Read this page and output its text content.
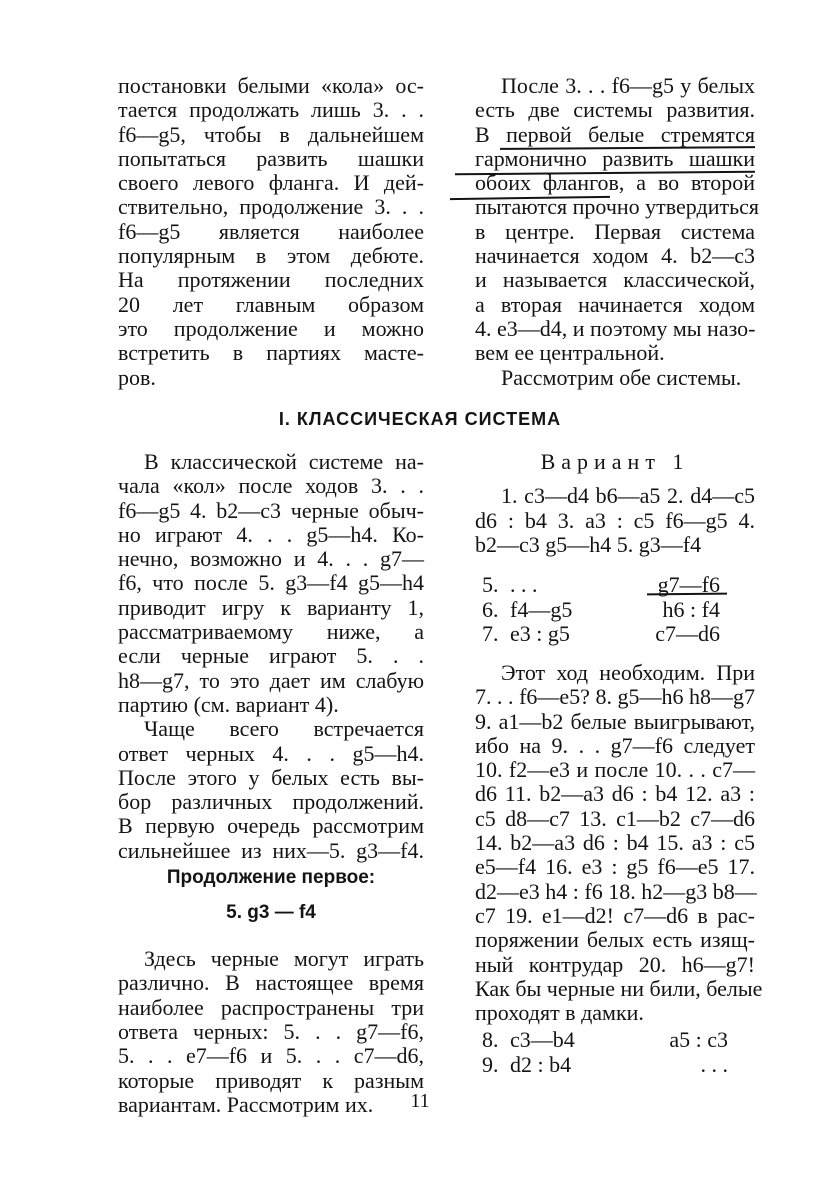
постановки белыми «кола» ос-
тается продолжать лишь 3. . .
f6—g5, чтобы в дальнейшем
попытаться развить шашки
своего левого фланга. И дей-
ствительно, продолжение 3. . .
f6—g5 является наиболее
популярным в этом дебюте.
На протяжении последних
20 лет главным образом
это продолжение и можно
встретить в партиях масте-
ров.
После 3. . . f6—g5 у белых
есть две системы развития.
В первой белые стремятся
гармонично развить шашки
обоих флангов, а во второй
пытаются прочно утвердиться
в центре. Первая система
начинается ходом 4. b2—c3
и называется классической,
а вторая начинается ходом
4. e3—d4, и поэтому мы назо-
вем ее центральной.
Рассмотрим обе системы.
I. КЛАССИЧЕСКАЯ СИСТЕМА
В классической системе на-
чала «кол» после ходов 3. . .
f6—g5 4. b2—c3 черные обыч-
но играют 4. . . g5—h4. Ко-
нечно, возможно и 4. . . g7—
f6, что после 5. g3—f4 g5—h4
приводит игру к варианту 1,
рассматриваемому ниже, а
если черные играют 5. . .
h8—g7, то это дает им слабую
партию (см. вариант 4).
Чаще всего встречается
ответ черных 4. . . g5—h4.
После этого у белых есть вы-
бор различных продолжений.
В первую очередь рассмотрим
сильнейшее из них—5. g3—f4.
Продолжение первое:
5. g3 — f4
Здесь черные могут играть
различно. В настоящее время
наиболее распространены три
ответа черных: 5. . . g7—f6,
5. . . e7—f6 и 5. . . c7—d6,
которые приводят к разным
вариантам. Рассмотрим их.
Вариант 1
1. c3—d4 b6—a5 2. d4—c5
d6 : b4 3. a3 : c5 f6—g5 4.
b2—c3 g5—h4 5. g3—f4
5. . . .	g7—f6
6. f4—g5	h6 : f4
7. e3 : g5	c7—d6
Этот ход необходим. При
7. . . f6—e5? 8. g5—h6 h8—g7
9. a1—b2 белые выигрывают,
ибо на 9. . . g7—f6 следует
10. f2—e3 и после 10. . . c7—
d6 11. b2—a3 d6 : b4 12. a3 :
c5 d8—c7 13. c1—b2 c7—d6
14. b2—a3 d6 : b4 15. a3 : c5
e5—f4 16. e3 : g5 f6—e5 17.
d2—e3 h4 : f6 18. h2—g3 b8—
c7 19. e1—d2! c7—d6 в рас-
поряжении белых есть изящ-
ный контрудар 20. h6—g7!
Как бы черные ни били, белые
проходят в дамки.
8. c3—b4	a5 : c3
9. d2 : b4	. . .
11
